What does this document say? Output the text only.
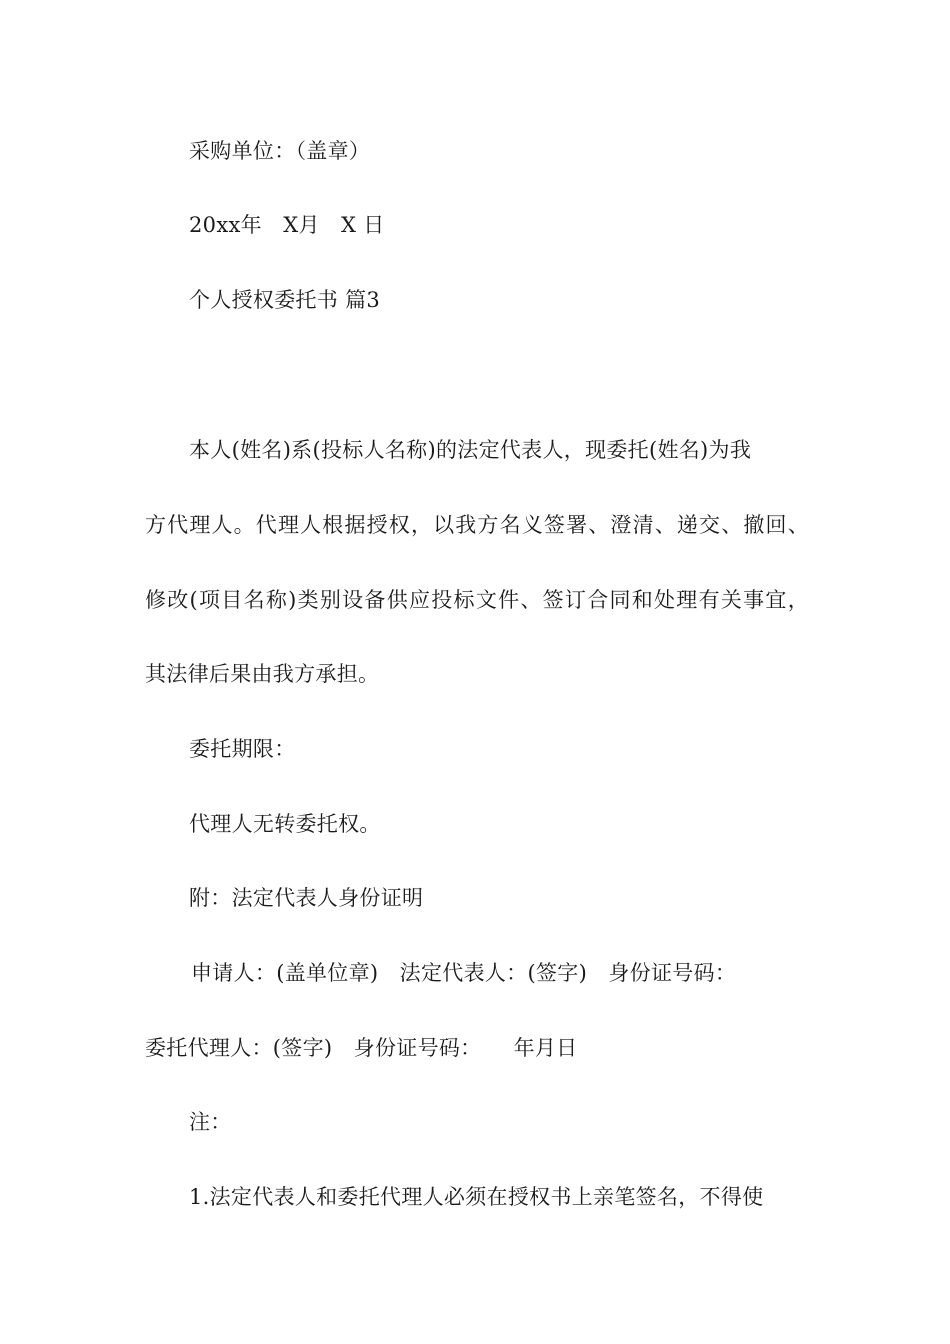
采购单位：（盖章）
20xx年　X月　X 日
个人授权委托书 篇3
本人(姓名)系(投标人名称)的法定代表人，现委托(姓名)为我
方代理人。代理人根据授权，以我方名义签署、澄清、递交、撤回、
修改(项目名称)类别设备供应投标文件、签订合同和处理有关事宜，
其法律后果由我方承担。
委托期限：
代理人无转委托权。
附：法定代表人身份证明
申请人：(盖单位章)　法定代表人：(签字)　身份证号码：
委托代理人：(签字)　身份证号码：　　年月日
注：
1.法定代表人和委托代理人必须在授权书上亲笔签名，不得使
